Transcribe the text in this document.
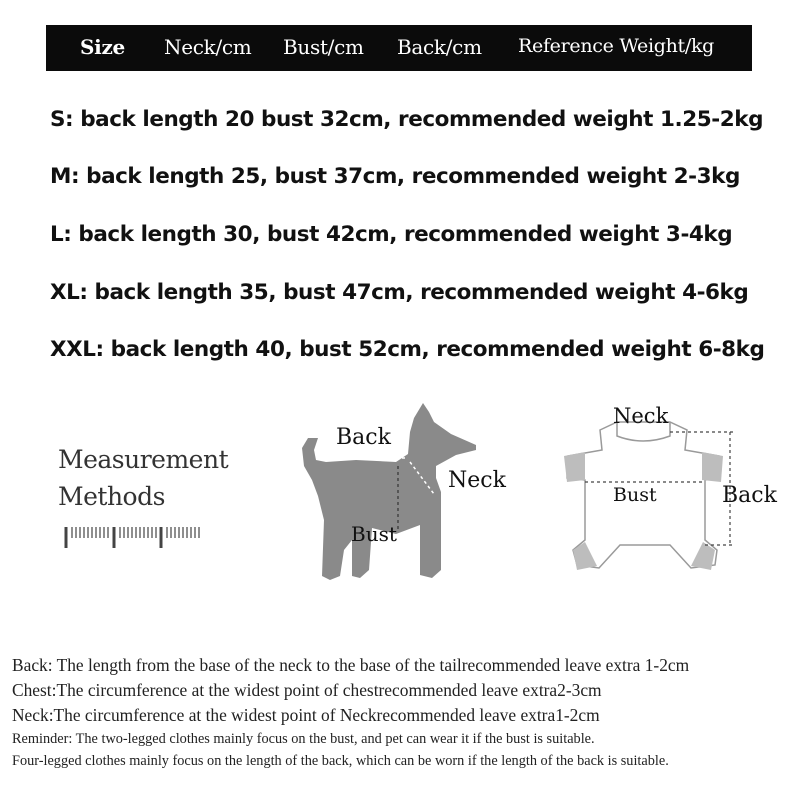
Size Neck/cm Bust/cm Back/cm Reference Weight/kg
S: back length 20 bust 32cm, recommended weight 1.25-2kg
M: back length 25, bust 37cm, recommended weight 2-3kg
L: back length 30, bust 42cm, recommended weight 3-4kg
XL: back length 35, bust 47cm, recommended weight 4-6kg
XXL: back length 40, bust 52cm, recommended weight 6-8kg
Measurement
Methods
Back
Neck
Bust
Neck
Bust	Back
Back: The length from the base of the neck to the base of the tailrecommended leave extra 1-2cm
Chest:The circumference at the widest point of chestrecommended leave extra2-3cm
Neck:The circumference at the widest point of Neckrecommended leave extra1-2cm
Reminder: The two-legged clothes mainly focus on the bust, and pet can wear it if the bust is suitable.
Four-legged clothes mainly focus on the length of the back, which can be worn if the length of the back is suitable.
